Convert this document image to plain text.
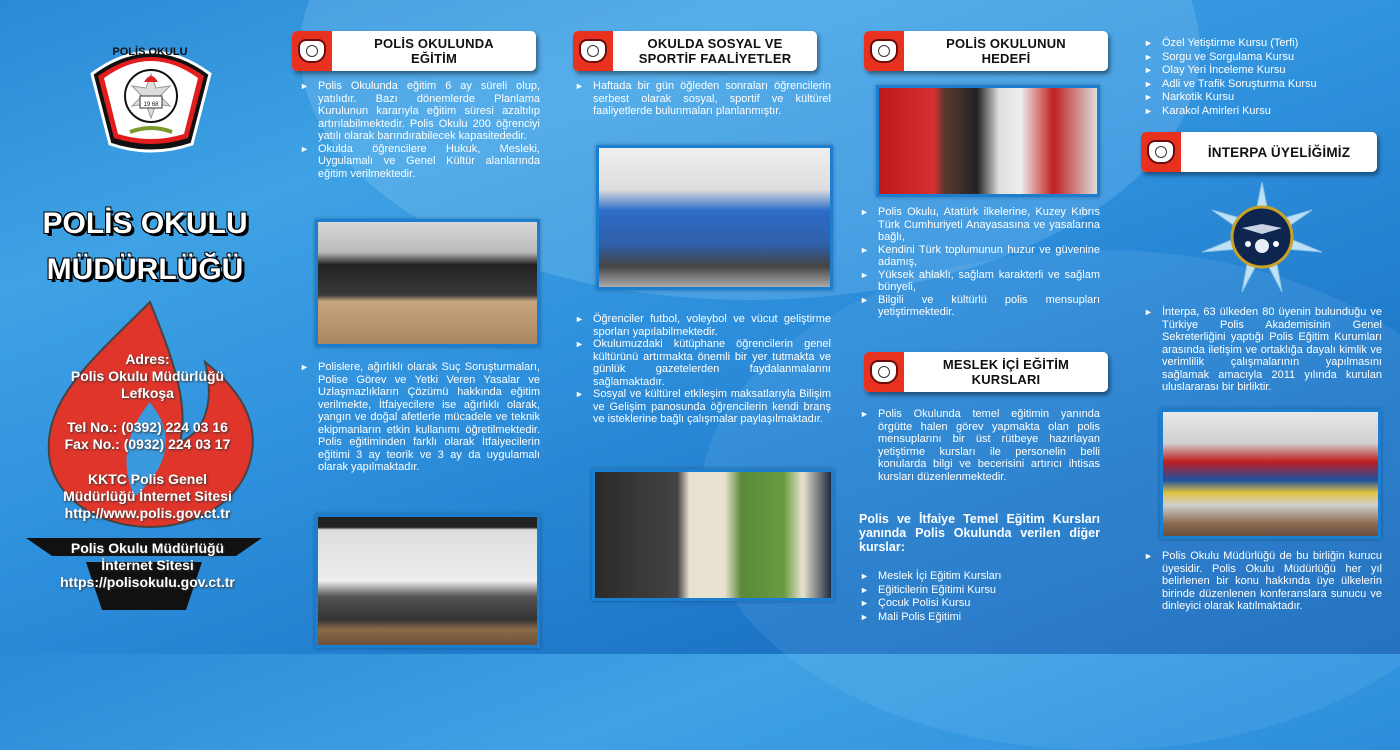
19 68
POLİS OKULU
POLİS OKULU
MÜDÜRLÜĞÜ
Adres:
Polis Okulu Müdürlüğü
Lefkoşa
Tel No.: (0392) 224 03 16
Fax No.: (0932) 224 03 17
KKTC Polis Genel
Müdürlüğü İnternet Sitesi
http://www.polis.gov.ct.tr
Polis Okulu Müdürlüğü
İnternet Sitesi
https://polisokulu.gov.ct.tr
POLİS OKULUNDA
EĞİTİM
► Polis Okulunda eğitim 6 ay süreli olup, yatılıdır. Bazı dönemlerde Planlama Kurulunun kararıyla eğitim süresi azaltılıp artırılabilmektedir. Polis Okulu 200 öğrenciyi yatılı olarak barındırabilecek kapasitededir.
► Okulda öğrencilere Hukuk, Mesleki, Uygulamalı ve Genel Kültür alanlarında eğitim verilmektedir.
► Polislere, ağırlıklı olarak Suç Soruşturmaları, Polise Görev ve Yetki Veren Yasalar ve Uzlaşmazlıkların Çözümü hakkında eğitim verilmekte, İtfaiyecilere ise ağırlıklı olarak, yangın ve doğal afetlerle mücadele ve teknik ekipmanların etkin kullanımı öğretilmektedir. Polis eğitiminden farklı olarak İtfaiyecilerin eğitimi 3 ay teorik ve 3 ay da uygulamalı olarak yapılmaktadır.
OKULDA SOSYAL VE
SPORTİF FAALİYETLER
► Haftada bir gün öğleden sonraları öğrencilerin serbest olarak sosyal, sportif ve kültürel faaliyetlerde bulunmaları planlanmıştır.
► Öğrenciler futbol, voleybol ve vücut geliştirme sporları yapılabilmektedir.
► Okulumuzdaki kütüphane öğrencilerin genel kültürünü artırmakta önemli bir yer tutmakta ve günlük gazetelerden faydalanmalarını sağlamaktadır.
► Sosyal ve kültürel etkileşim maksatlarıyla Bilişim ve Gelişim panosunda öğrencilerin kendi branş ve isteklerine bağlı çalışmalar paylaşılmaktadır.
POLİS OKULUNUN
HEDEFİ
► Polis Okulu, Atatürk ilkelerine, Kuzey Kıbrıs Türk Cumhuriyeti Anayasasına ve yasalarına bağlı,
► Kendini Türk toplumunun huzur ve güvenine adamış,
► Yüksek ahlaklı, sağlam karakterli ve sağlam bünyeli,
► Bilgili ve kültürlü polis mensupları yetiştirmektedir.
MESLEK İÇİ EĞİTİM
KURSLARI
► Polis Okulunda temel eğitimin yanında örgütte halen görev yapmakta olan polis mensuplarını bir üst rütbeye hazırlayan yetiştirme kursları ile personelin belli konularda bilgi ve becerisini artırıcı ihtisas kursları düzenlenmektedir.
Polis ve İtfaiye Temel Eğitim Kursları yanında Polis Okulunda verilen diğer kurslar:
► Meslek İçi Eğitim Kursları
► Eğiticilerin Eğitimi Kursu
► Çocuk Polisi Kursu
► Mali Polis Eğitimi
► Özel Yetiştirme Kursu (Terfi)
► Sorgu ve Sorgulama Kursu
► Olay Yeri İnceleme Kursu
► Adli ve Trafik Soruşturma Kursu
► Narkotik Kursu
► Karakol Amirleri Kursu
İNTERPA ÜYELİĞİMİZ
► İnterpa, 63 ülkeden 80 üyenin bulunduğu ve Türkiye Polis Akademisinin Genel Sekreterliğini yaptığı Polis Eğitim Kurumları arasında iletişim ve ortaklığa dayalı kimlik ve verimlilik çalışmalarının yapılmasını sağlamak amacıyla 2011 yılında kurulan uluslararası bir birliktir.
► Polis Okulu Müdürlüğü de bu birliğin kurucu üyesidir. Polis Okulu Müdürlüğü her yıl belirlenen bir konu hakkında üye ülkelerin birinde düzenlenen konferanslara sunucu ve dinleyici olarak katılmaktadır.
